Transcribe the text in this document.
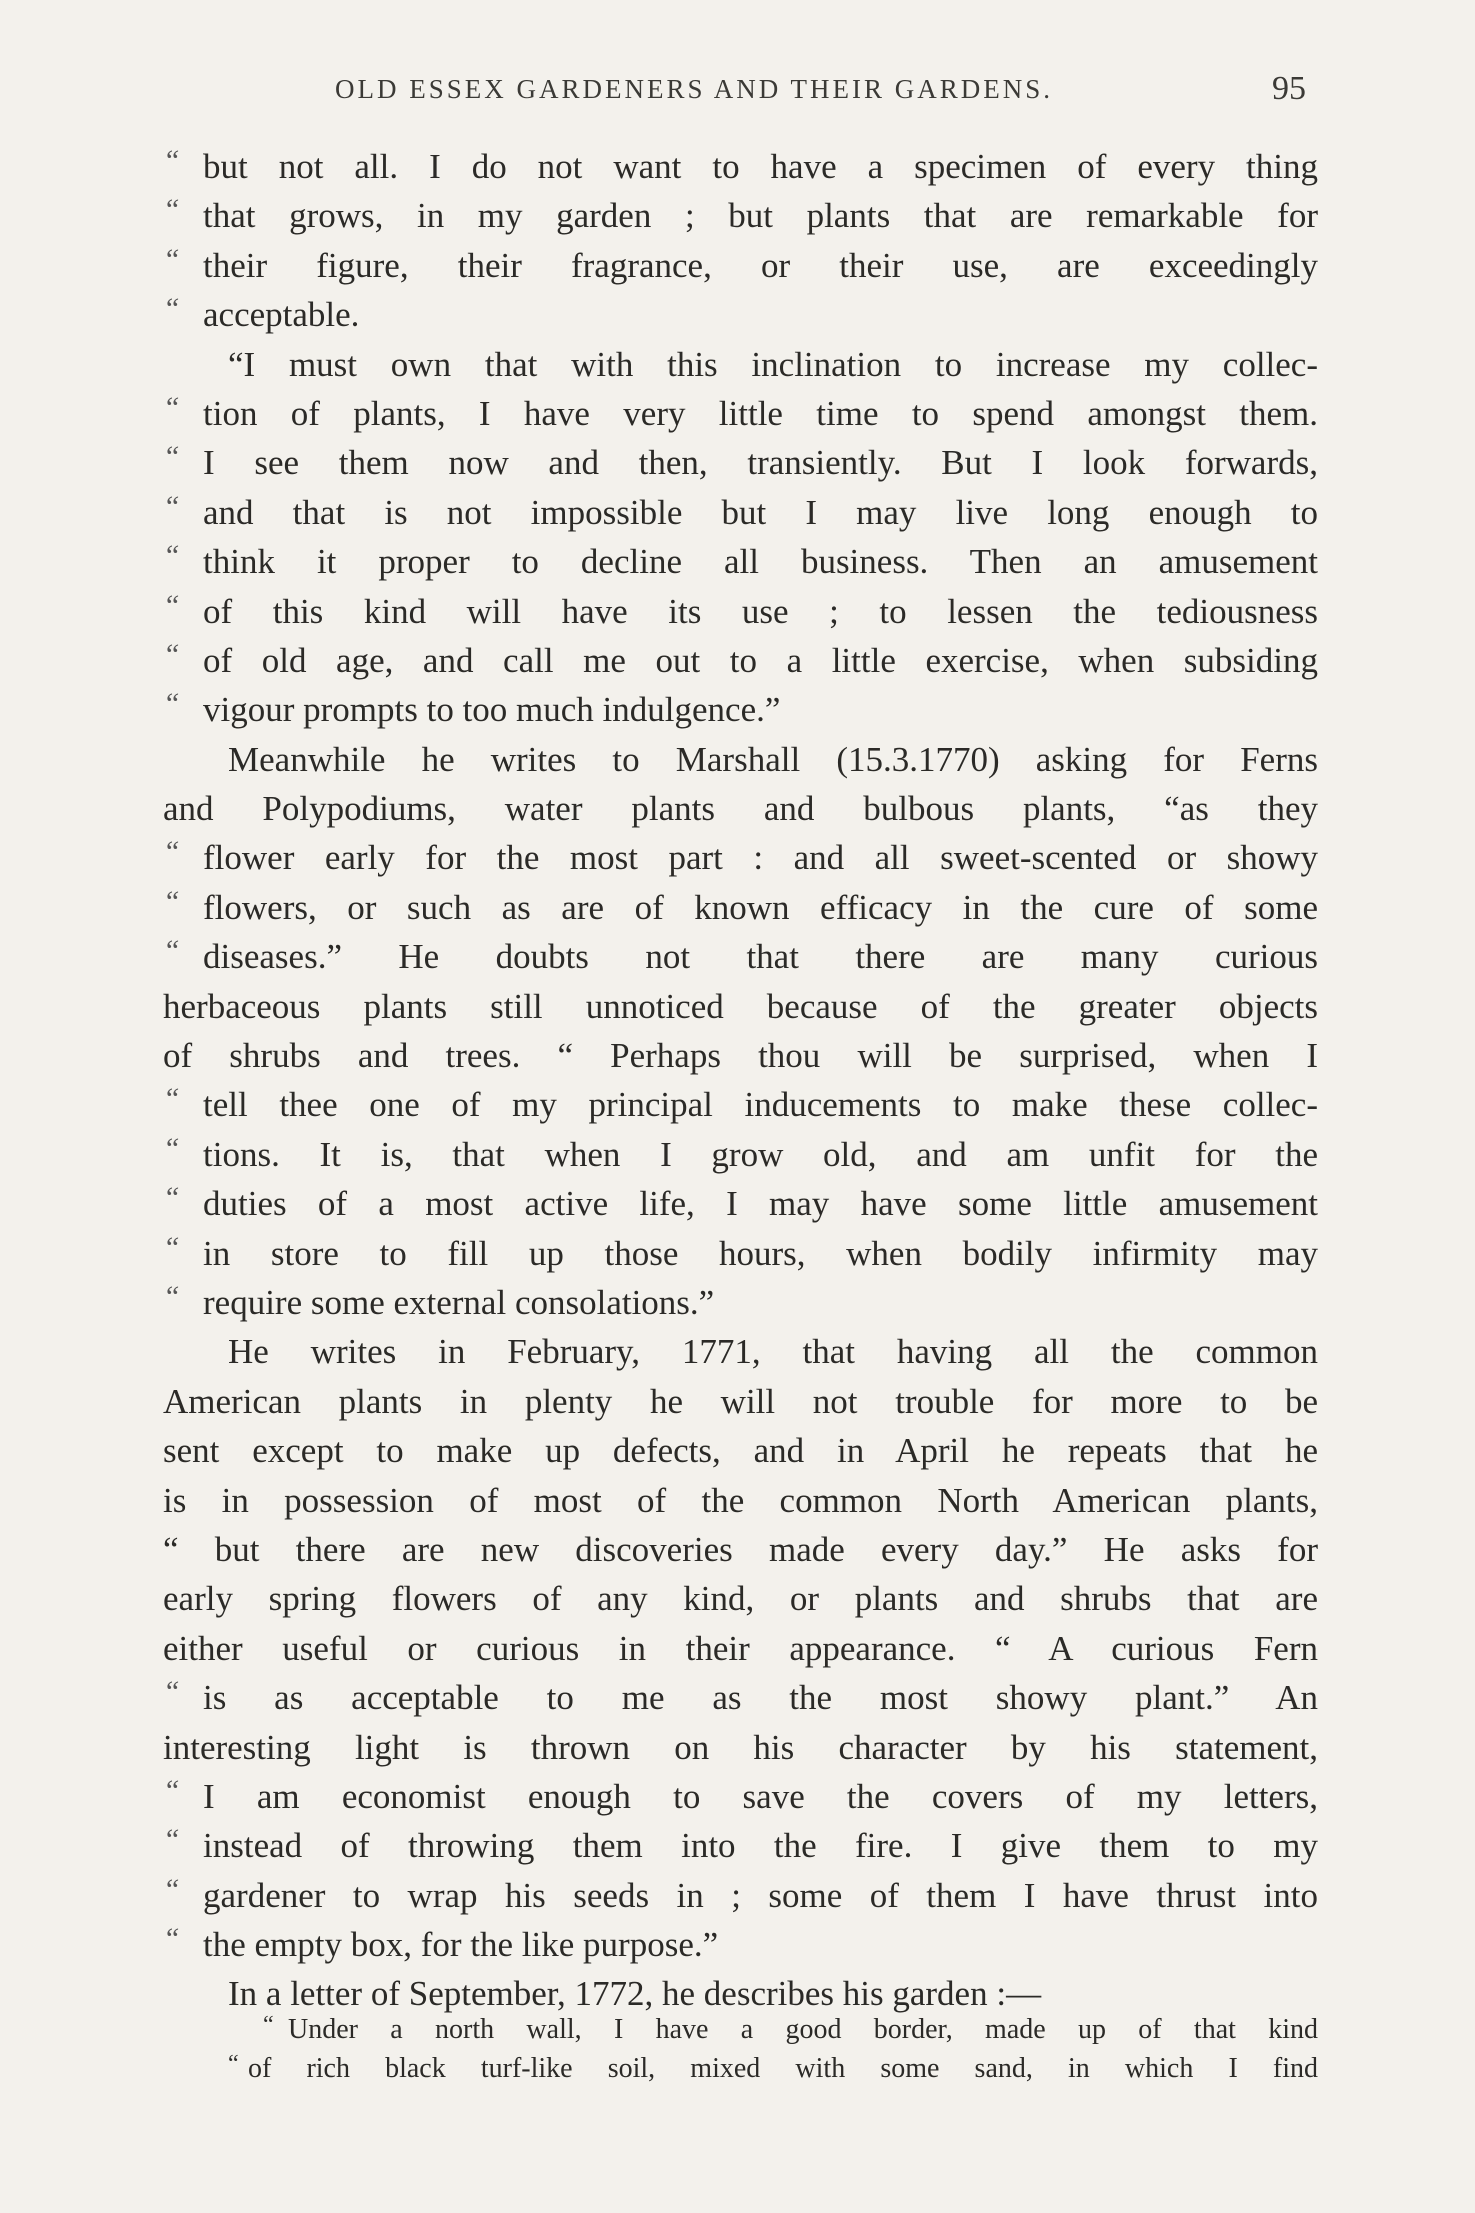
OLD ESSEX GARDENERS AND THEIR GARDENS.	95
“ but not all. I do not want to have a specimen of every thing
“ that grows, in my garden ; but plants that are remarkable for
“ their figure, their fragrance, or their use, are exceedingly
“ acceptable.
“I must own that with this inclination to increase my collec-
“ tion of plants, I have very little time to spend amongst them.
“ I see them now and then, transiently. But I look forwards,
“ and that is not impossible but I may live long enough to
“ think it proper to decline all business. Then an amusement
“ of this kind will have its use ; to lessen the tediousness
“ of old age, and call me out to a little exercise, when subsiding
“ vigour prompts to too much indulgence.”
Meanwhile he writes to Marshall (15.3.1770) asking for Ferns
and Polypodiums, water plants and bulbous plants, “as they
“ flower early for the most part : and all sweet-scented or showy
“ flowers, or such as are of known efficacy in the cure of some
“ diseases.” He doubts not that there are many curious
herbaceous plants still unnoticed because of the greater objects
of shrubs and trees. “ Perhaps thou will be surprised, when I
“ tell thee one of my principal inducements to make these collec-
“ tions. It is, that when I grow old, and am unfit for the
“ duties of a most active life, I may have some little amusement
“ in store to fill up those hours, when bodily infirmity may
“ require some external consolations.”
He writes in February, 1771, that having all the common
American plants in plenty he will not trouble for more to be
sent except to make up defects, and in April he repeats that he
is in possession of most of the common North American plants,
“ but there are new discoveries made every day.” He asks for
early spring flowers of any kind, or plants and shrubs that are
either useful or curious in their appearance. “ A curious Fern
“ is as acceptable to me as the most showy plant.” An
interesting light is thrown on his character by his statement,
“ I am economist enough to save the covers of my letters,
“ instead of throwing them into the fire. I give them to my
“ gardener to wrap his seeds in ; some of them I have thrust into
“ the empty box, for the like purpose.”
In a letter of September, 1772, he describes his garden :—
“ Under a north wall, I have a good border, made up of that kind
“ of rich black turf-like soil, mixed with some sand, in which I find
